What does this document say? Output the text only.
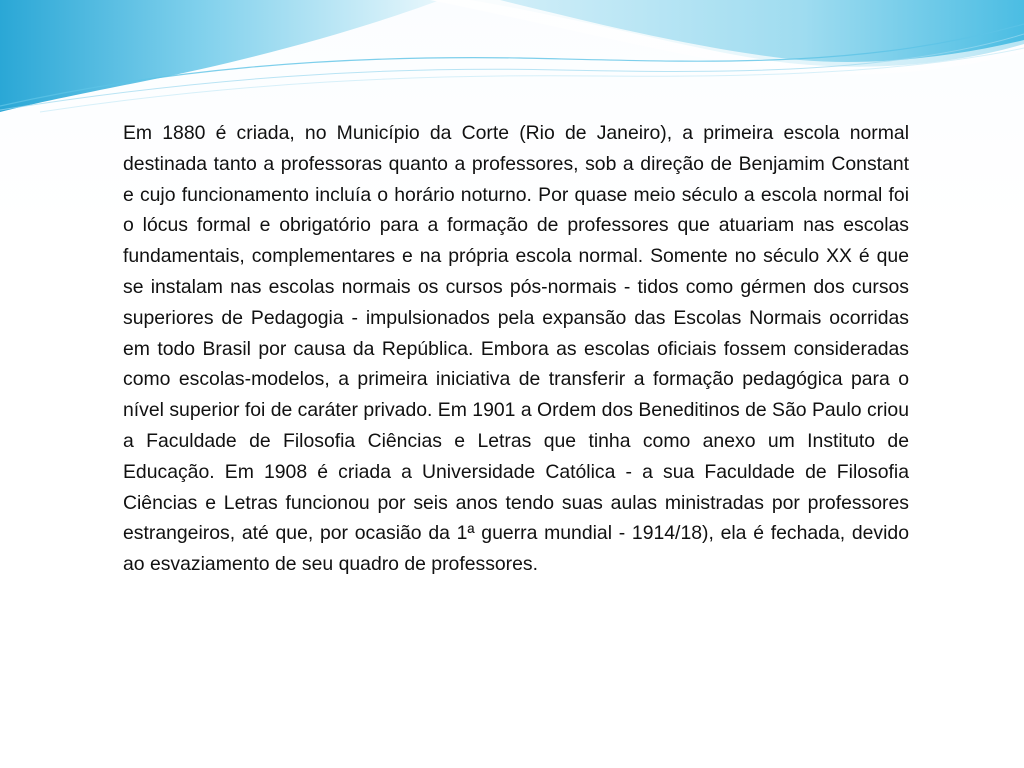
Em 1880 é criada, no Município da Corte (Rio de Janeiro), a primeira escola normal destinada tanto a professoras quanto a professores, sob a direção de Benjamim Constant e cujo funcionamento incluía o horário noturno. Por quase meio século a escola normal foi o lócus formal e obrigatório para a formação de professores que atuariam nas escolas fundamentais, complementares e na própria escola normal. Somente no século XX é que se instalam nas escolas normais os cursos pós-normais - tidos como gérmen dos cursos superiores de Pedagogia - impulsionados pela expansão das Escolas Normais ocorridas em todo Brasil por causa da República. Embora as escolas oficiais fossem consideradas como escolas-modelos, a primeira iniciativa de transferir a formação pedagógica para o nível superior foi de caráter privado. Em 1901 a Ordem dos Beneditinos de São Paulo criou a Faculdade de Filosofia Ciências e Letras que tinha como anexo um Instituto de Educação. Em 1908 é criada a Universidade Católica - a sua Faculdade de Filosofia Ciências e Letras funcionou por seis anos tendo suas aulas ministradas por professores estrangeiros, até que, por ocasião da 1ª guerra mundial - 1914/18), ela é fechada, devido ao esvaziamento de seu quadro de professores.
